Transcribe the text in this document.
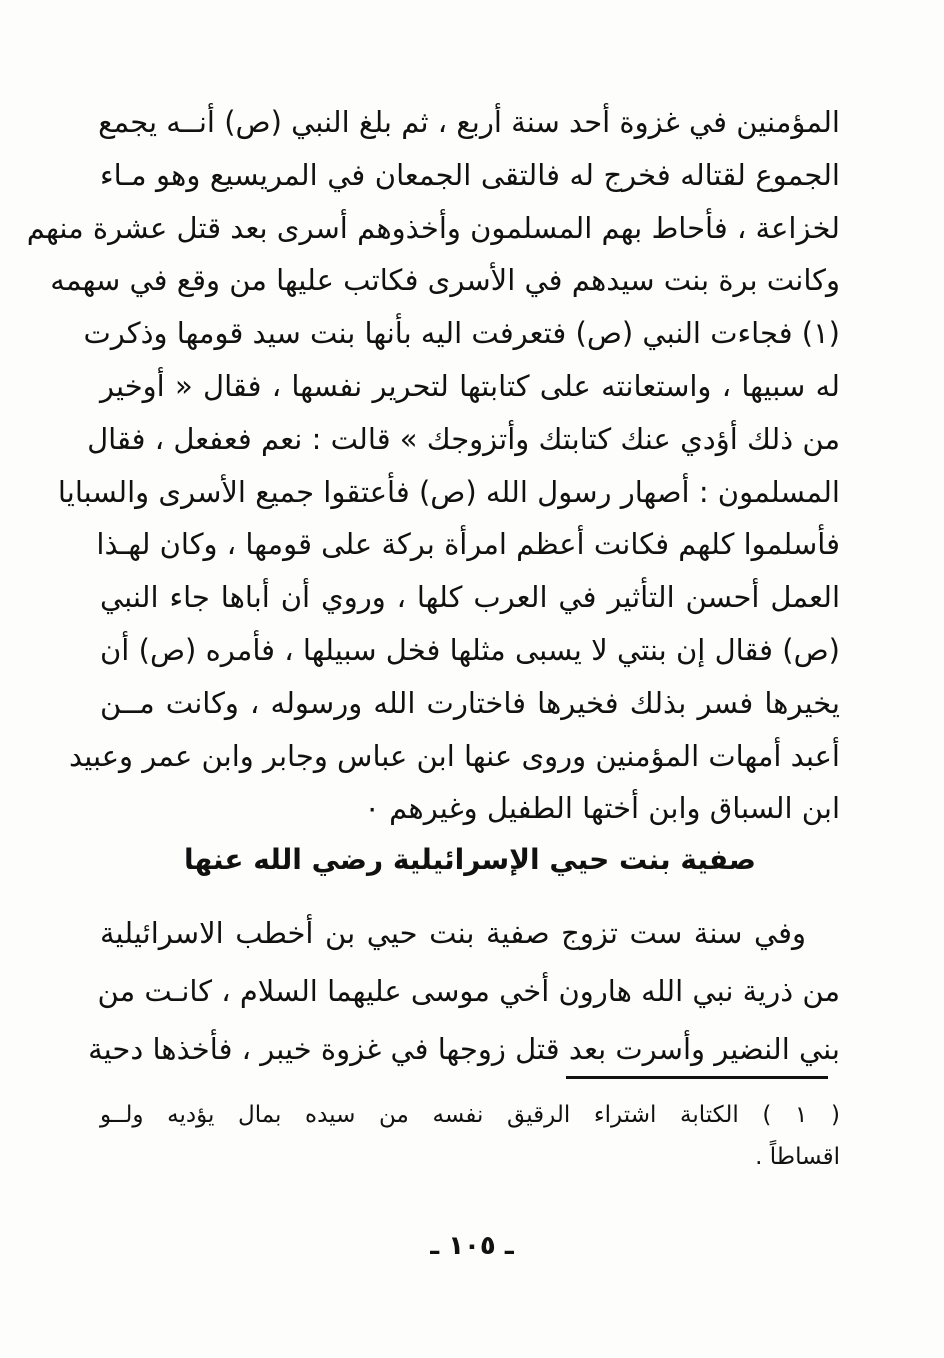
المؤمنين في غزوة أحد سنة أربع ، ثم بلغ النبي (ص) أنــه يجمع
الجموع لقتاله فخرج له فالتقى الجمعان في المريسيع وهو مـاء
لخزاعة ، فأحاط بهم المسلمون وأخذوهم أسرى بعد قتل عشرة منهم
وكانت برة بنت سيدهم في الأسرى فكاتب عليها من وقع في سهمه
(١) فجاءت النبي (ص) فتعرفت اليه بأنها بنت سيد قومها وذكرت
له سبيها ، واستعانته على كتابتها لتحرير نفسها ، فقال « أوخير
من ذلك أؤدي عنك كتابتك وأتزوجك » قالت : نعم فعفعل ، فقال
المسلمون : أصهار رسول الله (ص) فأعتقوا جميع الأسرى والسبايا
فأسلموا كلهم فكانت أعظم امرأة بركة على قومها ، وكان لهـذا
العمل أحسن التأثير في العرب كلها ، وروي أن أباها جاء النبي
(ص) فقال إن بنتي لا يسبى مثلها فخل سبيلها ، فأمره (ص) أن
يخيرها فسر بذلك فخيرها فاختارت الله ورسوله ، وكانت مــن
أعبد أمهات المؤمنين وروى عنها ابن عباس وجابر وابن عمر وعبيد
ابن السباق وابن أختها الطفيل وغيرهم ٠
صفية بنت حيي الإسرائيلية رضي الله عنها
وفي سنة ست تزوج صفية بنت حيي بن أخطب الاسرائيلية
من ذرية نبي الله هارون أخي موسى عليهما السلام ، كانـت من
بني النضير وأسرت بعد قتل زوجها في غزوة خيبر ، فأخذها دحية
( ١ ) الكتابة اشتراء الرقيق نفسه من سيده بمال يؤديه ولــو
اقساطاً .
ـ ١٠٥ ـ
